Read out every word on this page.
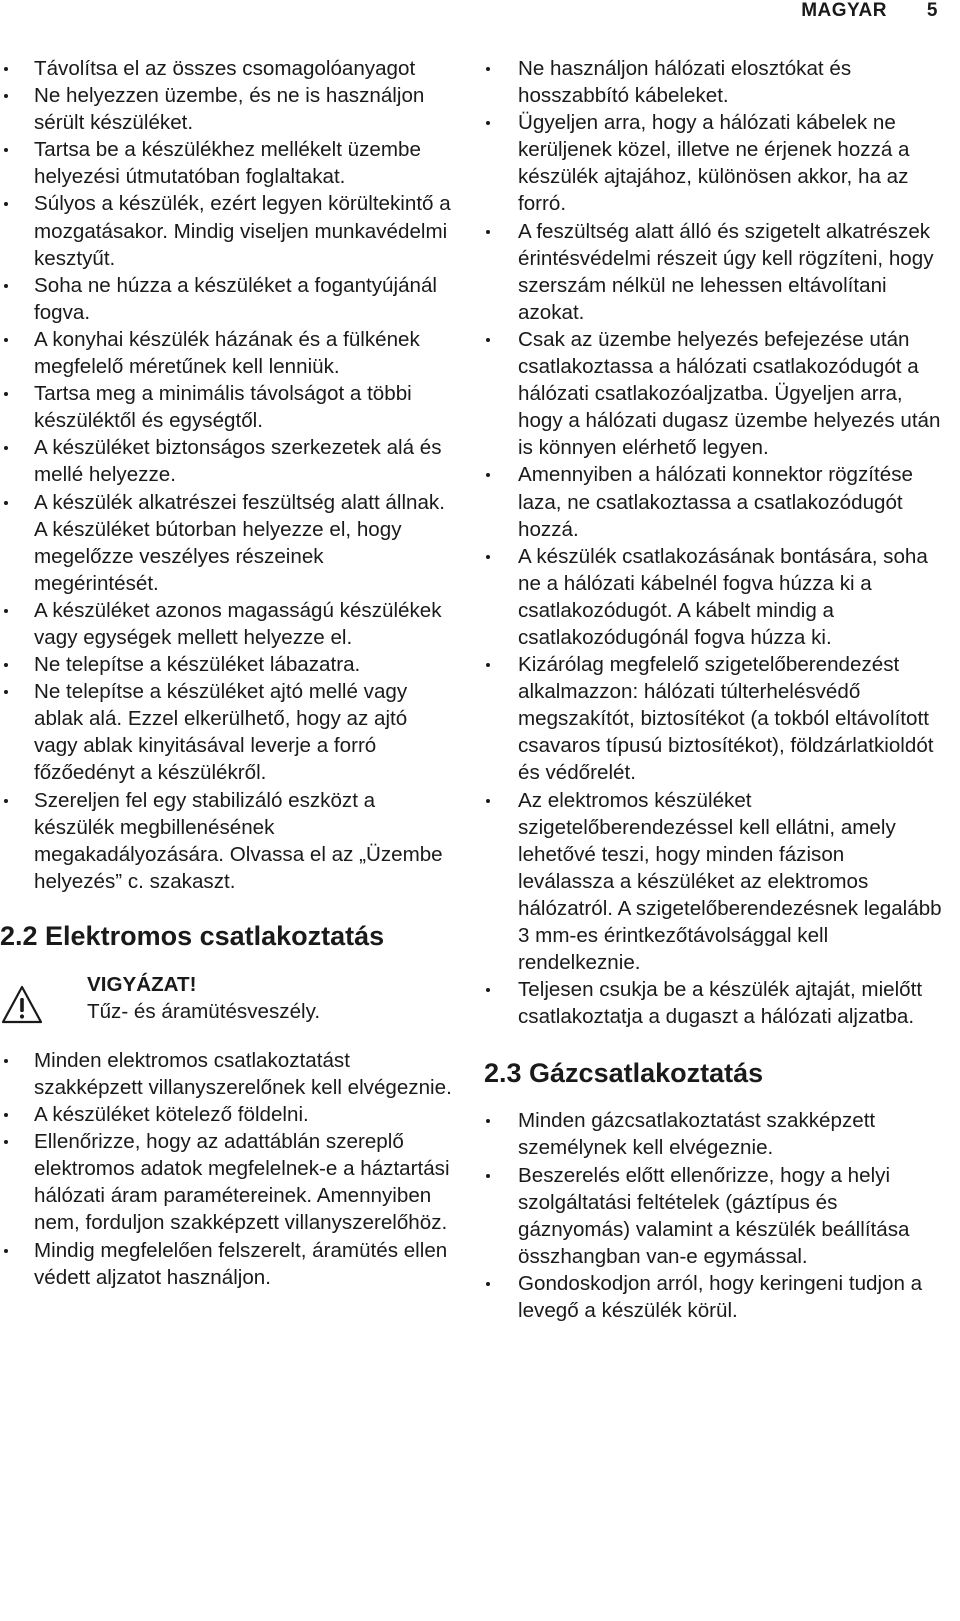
MAGYAR 5
Távolítsa el az összes csomagolóanyagot
Ne helyezzen üzembe, és ne is használjon sérült készüléket.
Tartsa be a készülékhez mellékelt üzembe helyezési útmutatóban foglaltakat.
Súlyos a készülék, ezért legyen körültekintő a mozgatásakor. Mindig viseljen munkavédelmi kesztyűt.
Soha ne húzza a készüléket a fogantyújánál fogva.
A konyhai készülék házának és a fülkének megfelelő méretűnek kell lenniük.
Tartsa meg a minimális távolságot a többi készüléktől és egységtől.
A készüléket biztonságos szerkezetek alá és mellé helyezze.
A készülék alkatrészei feszültség alatt állnak. A készüléket bútorban helyezze el, hogy megelőzze veszélyes részeinek megérintését.
A készüléket azonos magasságú készülékek vagy egységek mellett helyezze el.
Ne telepítse a készüléket lábazatra.
Ne telepítse a készüléket ajtó mellé vagy ablak alá. Ezzel elkerülhető, hogy az ajtó vagy ablak kinyitásával leverje a forró főzőedényt a készülékről.
Szereljen fel egy stabilizáló eszközt a készülék megbillenésének megakadályozására. Olvassa el az „Üzembe helyezés” c. szakaszt.
2.2 Elektromos csatlakoztatás
VIGYÁZAT!
Tűz- és áramütésveszély.
Minden elektromos csatlakoztatást szakképzett villanyszerelőnek kell elvégeznie.
A készüléket kötelező földelni.
Ellenőrizze, hogy az adattáblán szereplő elektromos adatok megfelelnek-e a háztartási hálózati áram paramétereinek. Amennyiben nem, forduljon szakképzett villanyszerelőhöz.
Mindig megfelelően felszerelt, áramütés ellen védett aljzatot használjon.
Ne használjon hálózati elosztókat és hosszabbító kábeleket.
Ügyeljen arra, hogy a hálózati kábelek ne kerüljenek közel, illetve ne érjenek hozzá a készülék ajtajához, különösen akkor, ha az forró.
A feszültség alatt álló és szigetelt alkatrészek érintésvédelmi részeit úgy kell rögzíteni, hogy szerszám nélkül ne lehessen eltávolítani azokat.
Csak az üzembe helyezés befejezése után csatlakoztassa a hálózati csatlakozódugót a hálózati csatlakozóaljzatba. Ügyeljen arra, hogy a hálózati dugasz üzembe helyezés után is könnyen elérhető legyen.
Amennyiben a hálózati konnektor rögzítése laza, ne csatlakoztassa a csatlakozódugót hozzá.
A készülék csatlakozásának bontására, soha ne a hálózati kábelnél fogva húzza ki a csatlakozódugót. A kábelt mindig a csatlakozódugónál fogva húzza ki.
Kizárólag megfelelő szigetelőberendezést alkalmazzon: hálózati túlterhelésvédő megszakítót, biztosítékot (a tokból eltávolított csavaros típusú biztosítékot), földzárlatkioldót és védőrelét.
Az elektromos készüléket szigetelőberendezéssel kell ellátni, amely lehetővé teszi, hogy minden fázison leválassza a készüléket az elektromos hálózatról. A szigetelőberendezésnek legalább 3 mm-es érintkezőtávolsággal kell rendelkeznie.
Teljesen csukja be a készülék ajtaját, mielőtt csatlakoztatja a dugaszt a hálózati aljzatba.
2.3 Gázcsatlakoztatás
Minden gázcsatlakoztatást szakképzett személynek kell elvégeznie.
Beszerelés előtt ellenőrizze, hogy a helyi szolgáltatási feltételek (gáztípus és gáznyomás) valamint a készülék beállítása összhangban van-e egymással.
Gondoskodjon arról, hogy keringeni tudjon a levegő a készülék körül.
